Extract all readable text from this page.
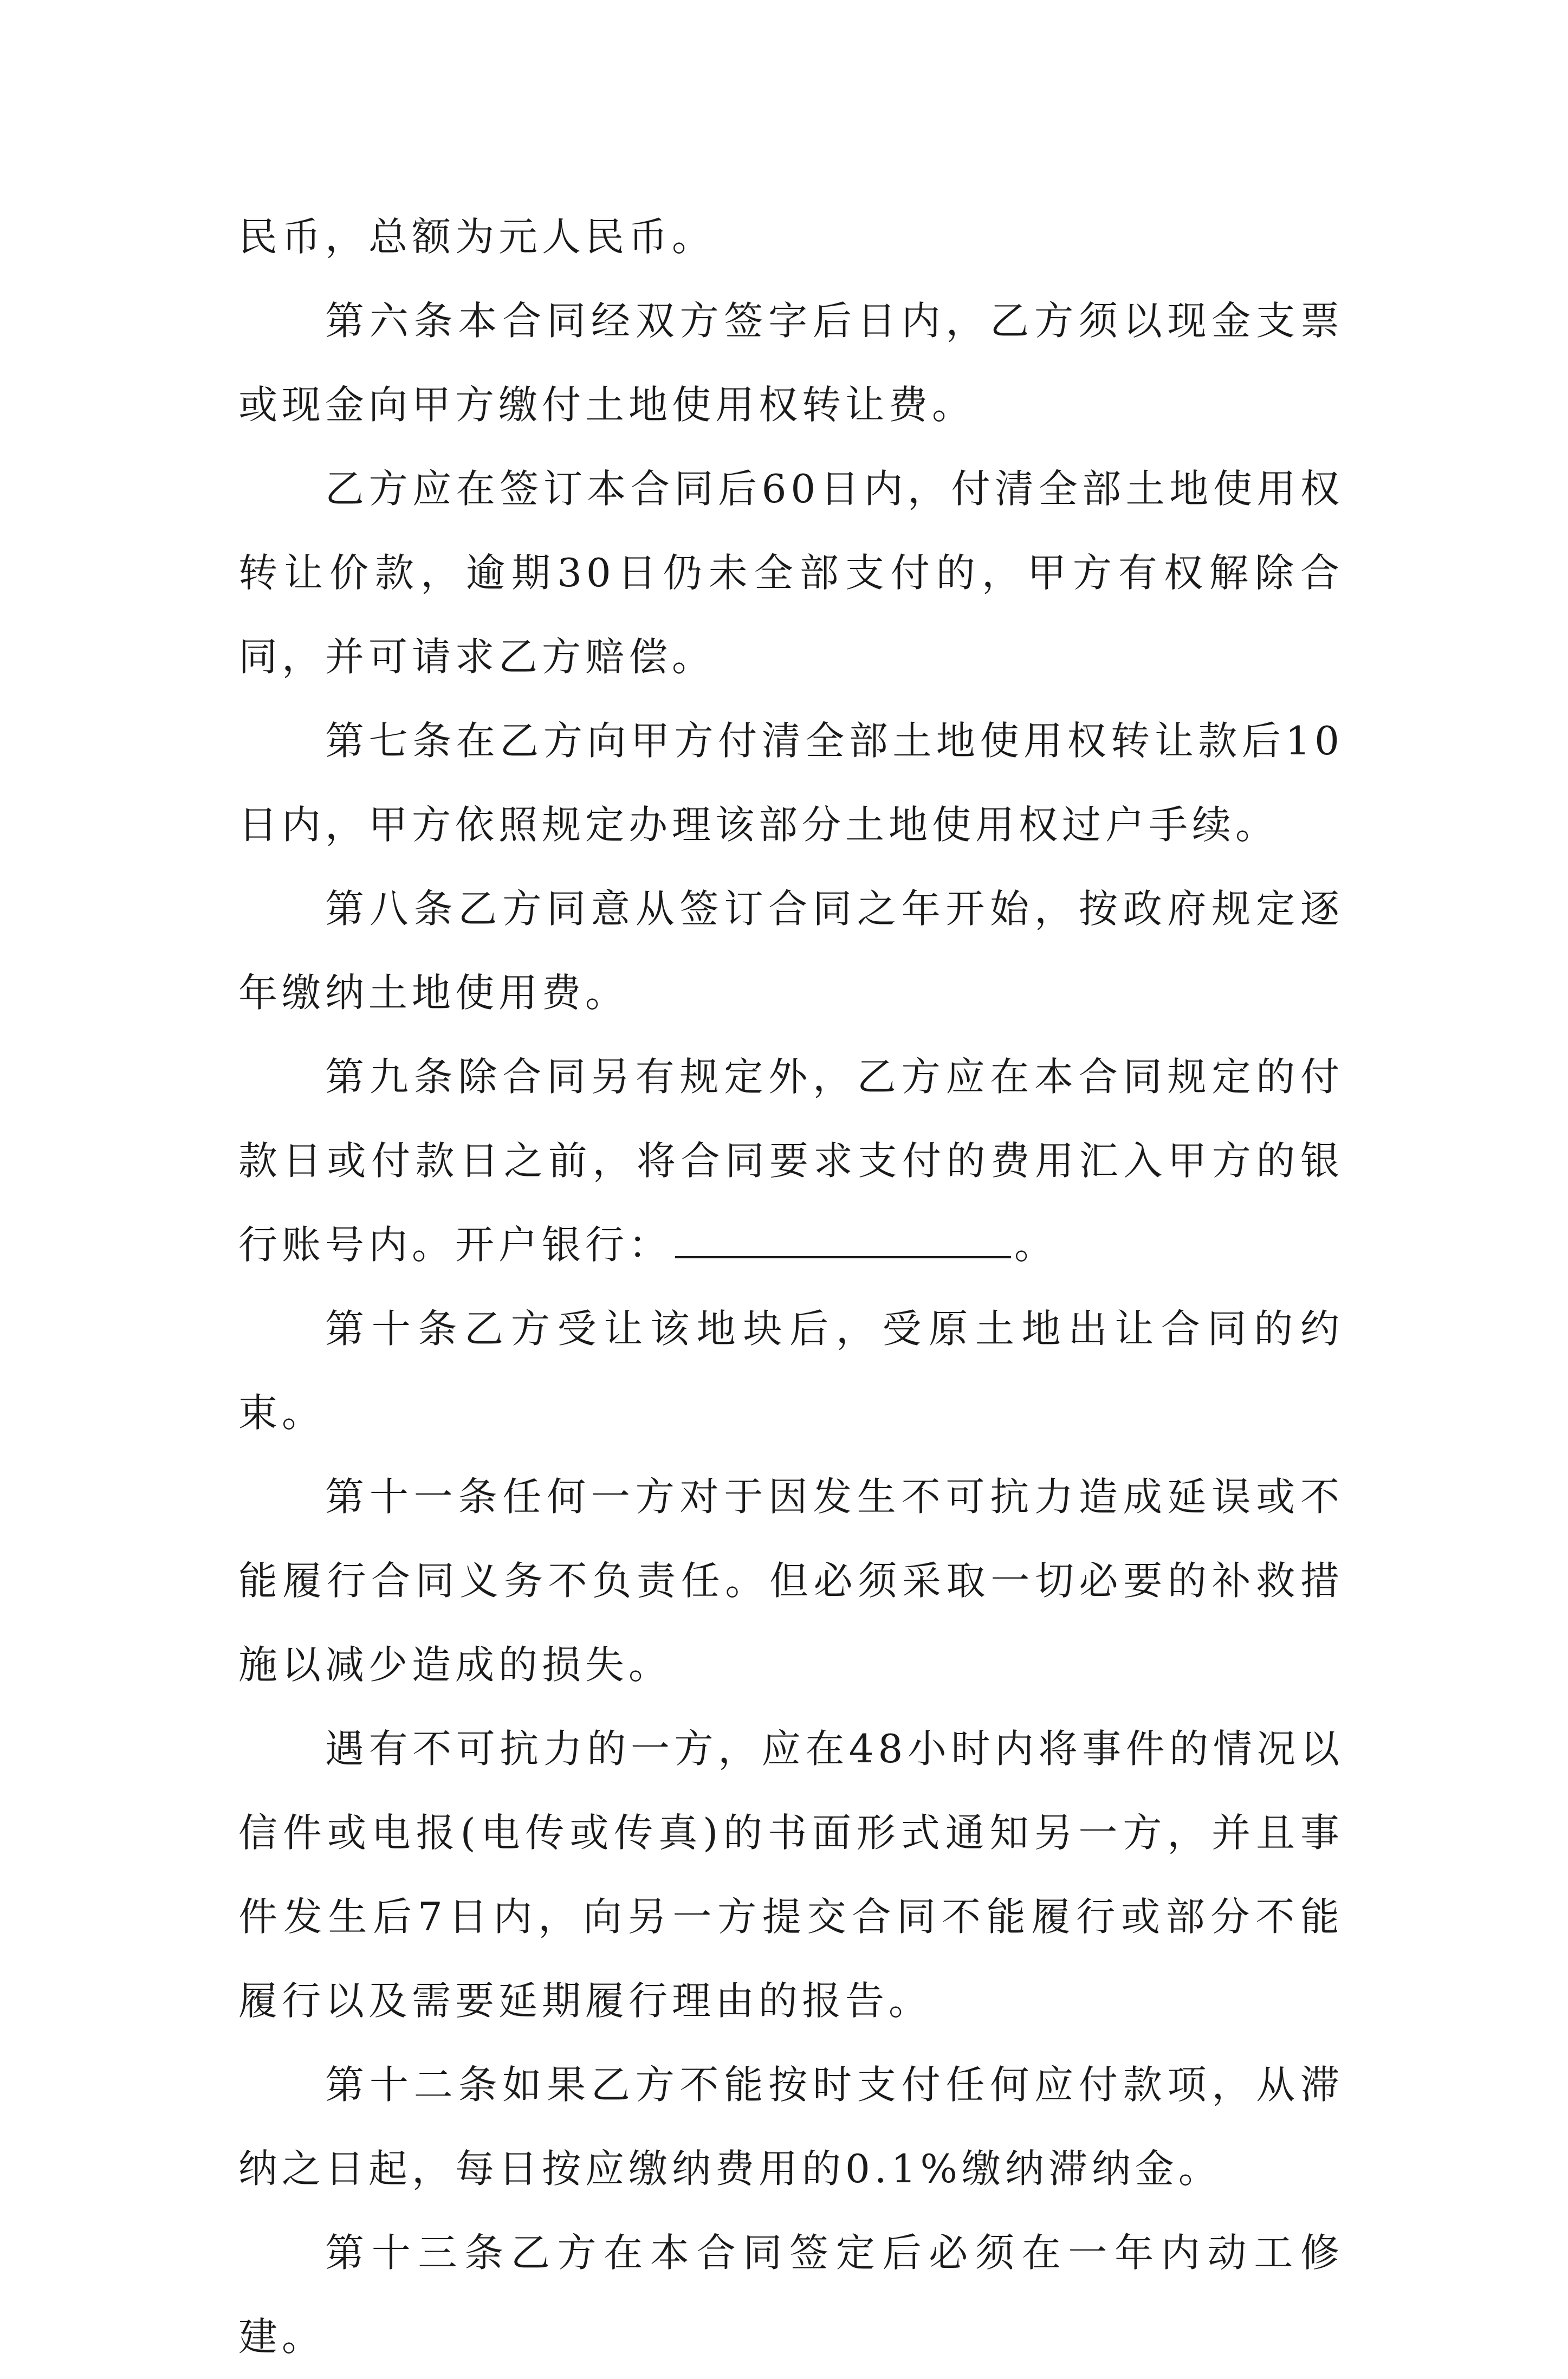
民币，总额为元人民币。

第六条本合同经双方签字后日内，乙方须以现金支票或现金向甲方缴付土地使用权转让费。

乙方应在签订本合同后60日内，付清全部土地使用权转让价款，逾期30日仍未全部支付的，甲方有权解除合同，并可请求乙方赔偿。

第七条在乙方向甲方付清全部土地使用权转让款后10日内，甲方依照规定办理该部分土地使用权过户手续。

第八条乙方同意从签订合同之年开始，按政府规定逐年缴纳土地使用费。

第九条除合同另有规定外，乙方应在本合同规定的付款日或付款日之前，将合同要求支付的费用汇入甲方的银行账号内。开户银行：	。

第十条乙方受让该地块后，受原土地出让合同的约束。

第十一条任何一方对于因发生不可抗力造成延误或不能履行合同义务不负责任。但必须采取一切必要的补救措施以减少造成的损失。

遇有不可抗力的一方，应在48小时内将事件的情况以信件或电报(电传或传真)的书面形式通知另一方，并且事件发生后7日内，向另一方提交合同不能履行或部分不能履行以及需要延期履行理由的报告。

第十二条如果乙方不能按时支付任何应付款项，从滞纳之日起，每日按应缴纳费用的0.1%缴纳滞纳金。

第十三条乙方在本合同签定后必须在一年内动工修建。
